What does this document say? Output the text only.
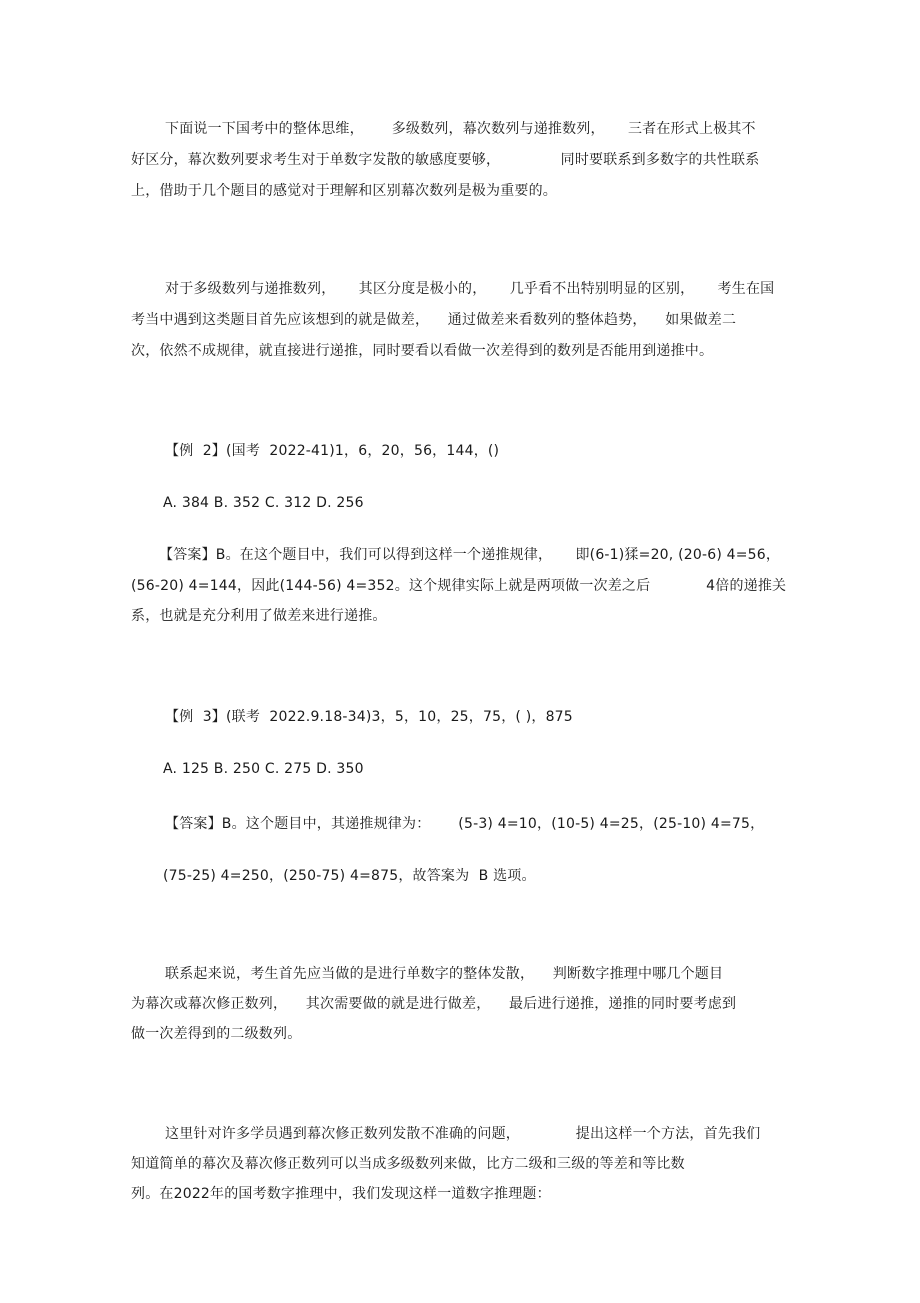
下面说一下国考中的整体思维，      多级数列，幕次数列与递推数列，     三者在形式上极其不
好区分，幕次数列要求考生对于单数字发散的敏感度要够，             同时要联系到多数字的共性联系
上，借助于几个题目的感觉对于理解和区别幕次数列是极为重要的。
对于多级数列与递推数列，     其区分度是极小的，     几乎看不出特别明显的区别，     考生在国
考当中遇到这类题目首先应该想到的就是做差，    通过做差来看数列的整体趋势，    如果做差二
次，依然不成规律，就直接进行递推，同时要看以看做一次差得到的数列是否能用到递推中。
【例  2】(国考  2022-41)1，6，20，56，144，()
A. 384 B. 352 C. 312 D. 256
【答案】B。在这个题目中，我们可以得到这样一个递推规律，     即(6-1)猱=20, (20-6) 4=56，
(56-20) 4=144，因此(144-56) 4=352。这个规律实际上就是两项做一次差之后            4倍的递推关
系，也就是充分利用了做差来进行递推。
【例  3】(联考  2022.9.18-34)3，5，10，25，75，( )，875
A. 125 B. 250 C. 275 D. 350
【答案】B。这个题目中，其递推规律为：      (5-3) 4=10，(10-5) 4=25，(25-10) 4=75，
(75-25) 4=250，(250-75) 4=875，故答案为  B 选项。
联系起来说，考生首先应当做的是进行单数字的整体发散，    判断数字推理中哪几个题目
为幕次或幕次修正数列，    其次需要做的就是进行做差，    最后进行递推，递推的同时要考虑到
做一次差得到的二级数列。
这里针对许多学员遇到幕次修正数列发散不准确的问题，            提出这样一个方法，首先我们
知道简单的幕次及幕次修正数列可以当成多级数列来做，比方二级和三级的等差和等比数
列。在2022年的国考数字推理中，我们发现这样一道数字推理题：
